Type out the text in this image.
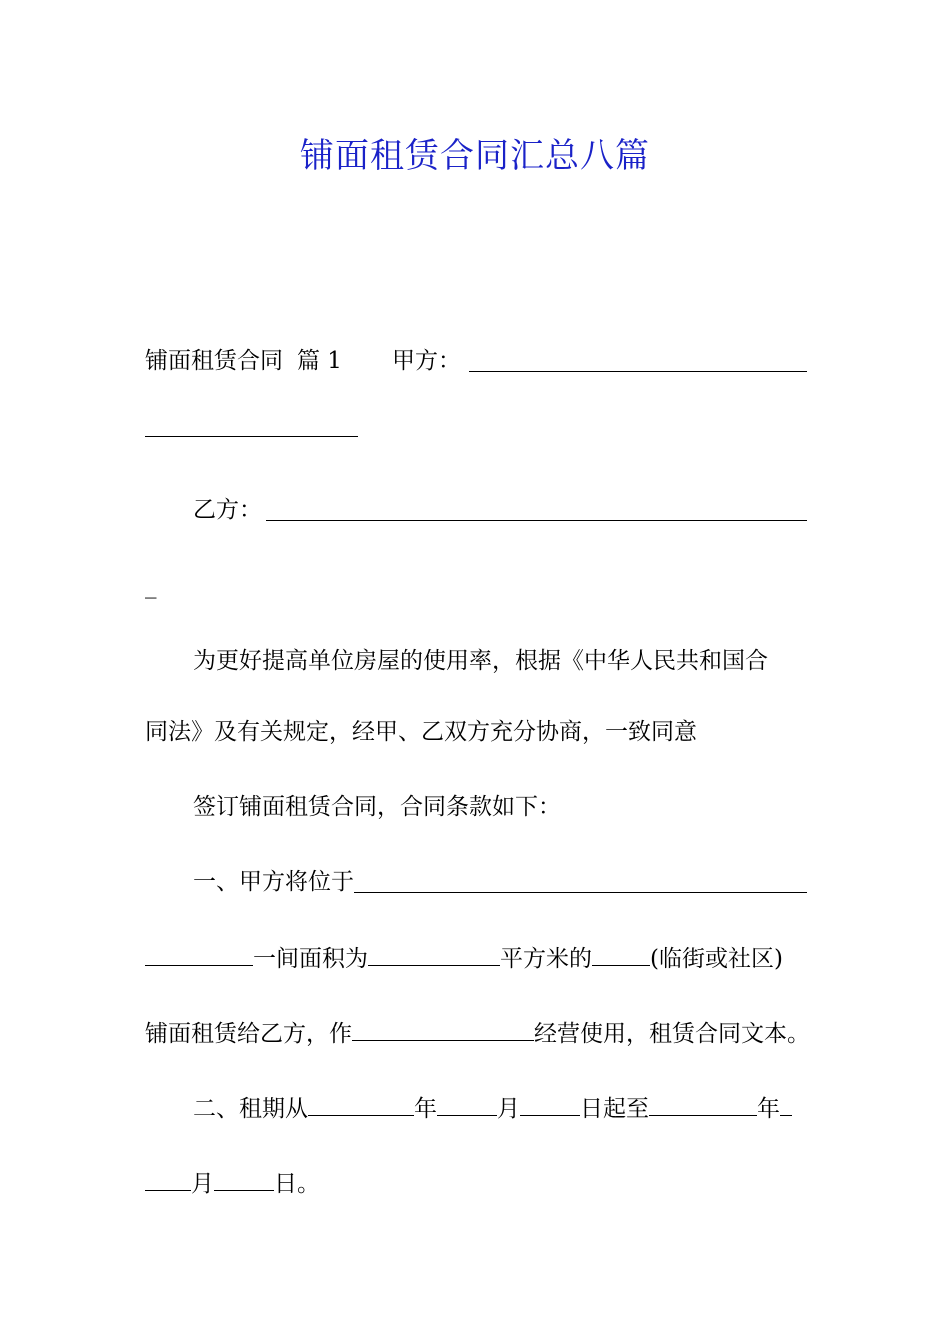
铺面租赁合同汇总八篇
铺面租赁合同 篇 1 甲方：
乙方：
_
为更好提高单位房屋的使用率，根据《中华人民共和国合
同法》及有关规定，经甲、乙双方充分协商，一致同意
签订铺面租赁合同，合同条款如下：
一、甲方将位于
一间面积为	平方米的	(临街或社区)
铺面租赁给乙方，作	经营使用，租赁合同文本。
二、租期从	年	月	日起至	年
月	日。
